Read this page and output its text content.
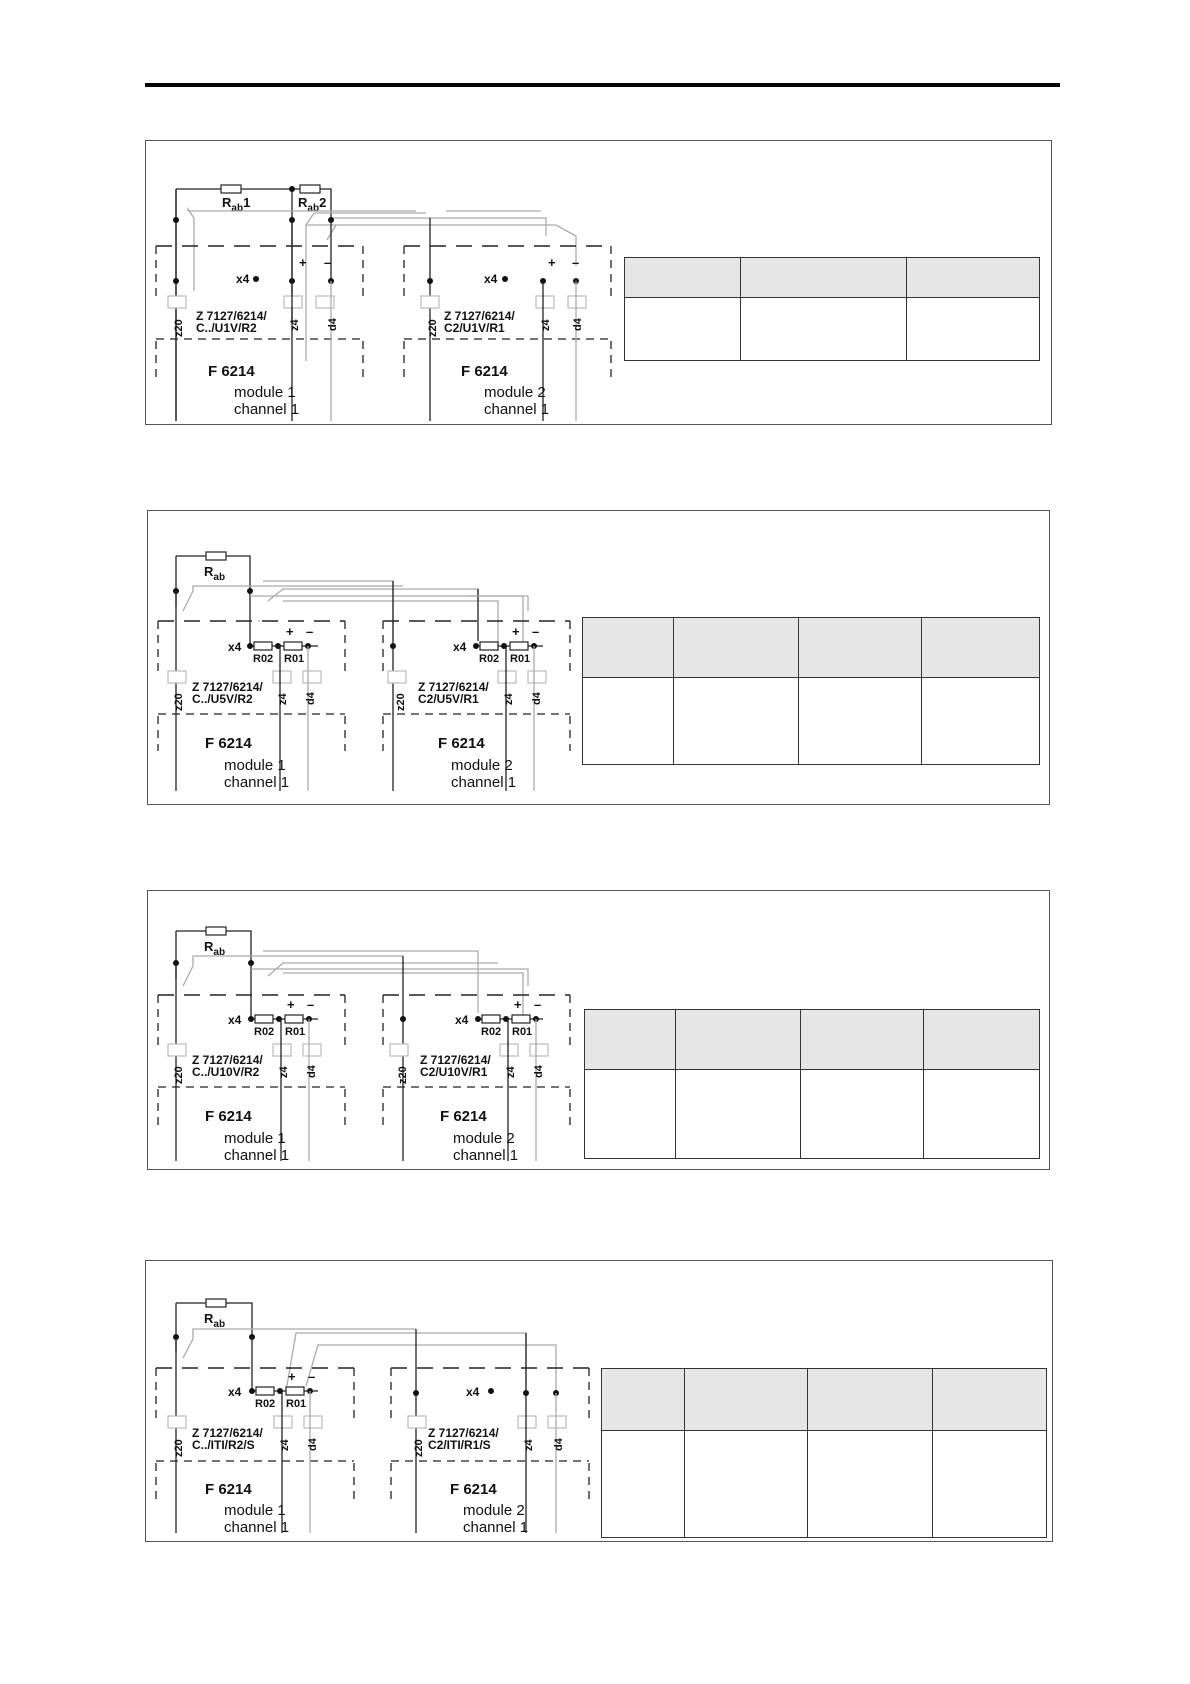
$R_{ab}1$	$R_{ab}2$
x4
+ –
Z 7127/6214/
C../U1V/R2
z20	z4 d4
F 6214
module 1
channel 1
x4
+ –
Z 7127/6214/
C2/U1V/R1
z20	z4 d4
F 6214
module 2
channel 1

$R_{ab}$
x4
R02 R01
+ –
Z 7127/6214/
C../U5V/R2
z20	z4 d4
F 6214
module 1
channel 1
x4
R02 R01
+ –
Z 7127/6214/
C2/U5V/R1
z20	z4 d4
F 6214
module 2
channel 1

$R_{ab}$
x4
R02 R01
+ –
Z 7127/6214/
C../U10V/R2
z20	z4 d4
F 6214
module 1
channel 1
x4
R02 R01
+ –
Z 7127/6214/
C2/U10V/R1
z20	z4 d4
F 6214
module 2
channel 1

$R_{ab}$
x4
R02 R01
+ –
Z 7127/6214/
C../ITI/R2/S
z20	z4 d4
F 6214
module 1
channel 1
x4
Z 7127/6214/
C2/ITI/R1/S
z20	z4 d4
F 6214
module 2
channel 1
